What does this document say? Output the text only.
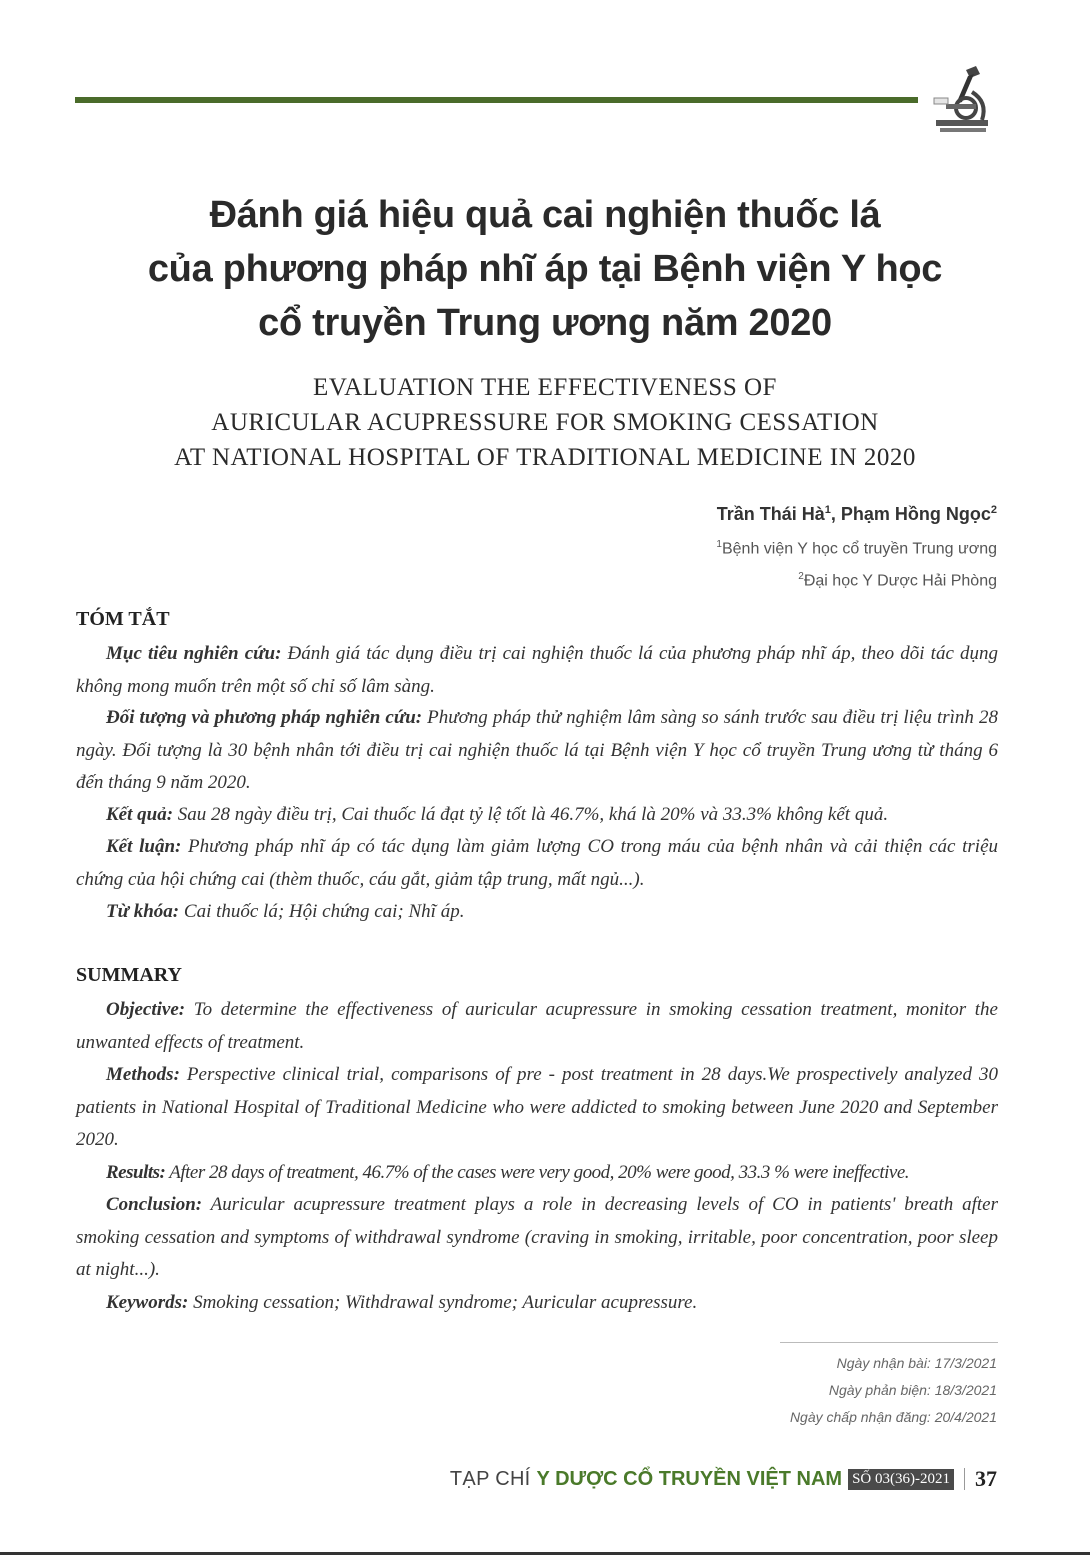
Đánh giá hiệu quả cai nghiện thuốc lá
của phương pháp nhĩ áp tại Bệnh viện Y học
cổ truyền Trung ương năm 2020
EVALUATION THE EFFECTIVENESS OF
AURICULAR ACUPRESSURE FOR SMOKING CESSATION
AT NATIONAL HOSPITAL OF TRADITIONAL MEDICINE IN 2020
Trần Thái $Hà^1$, Phạm Hồng Ngọc$^2$
$^1$Bệnh viện Y học cổ truyền Trung ương
$^2$Đại học Y Dược Hải Phòng
TÓM TẮT
Mục tiêu nghiên cứu: Đánh giá tác dụng điều trị cai nghiện thuốc lá của phương pháp nhĩ áp, theo dõi tác dụng không mong muốn trên một số chỉ số lâm sàng.
Đối tượng và phương pháp nghiên cứu: Phương pháp thử nghiệm lâm sàng so sánh trước sau điều trị liệu trình 28 ngày. Đối tượng là 30 bệnh nhân tới điều trị cai nghiện thuốc lá tại Bệnh viện Y học cổ truyền Trung ương từ tháng 6 đến tháng 9 năm 2020.
Kết quả: Sau 28 ngày điều trị, Cai thuốc lá đạt tỷ lệ tốt là 46.7%, khá là 20% và 33.3% không kết quả.
Kết luận: Phương pháp nhĩ áp có tác dụng làm giảm lượng CO trong máu của bệnh nhân và cải thiện các triệu chứng của hội chứng cai (thèm thuốc, cáu gắt, giảm tập trung, mất ngủ...).
Từ khóa: Cai thuốc lá; Hội chứng cai; Nhĩ áp.
SUMMARY
Objective: To determine the effectiveness of auricular acupressure in smoking cessation treatment, monitor the unwanted effects of treatment.
Methods: Perspective clinical trial, comparisons of pre - post treatment in 28 days.We prospectively analyzed 30 patients in National Hospital of Traditional Medicine who were addicted to smoking between June 2020 and September 2020.
Results: After 28 days of treatment, 46.7% of the cases were very good, 20% were good, 33.3 % were ineffective.
Conclusion: Auricular acupressure treatment plays a role in decreasing levels of CO in patients' breath after smoking cessation and symptoms of withdrawal syndrome (craving in smoking, irritable, poor concentration, poor sleep at night...).
Keywords: Smoking cessation; Withdrawal syndrome; Auricular acupressure.
Ngày nhận bài: 17/3/2021
Ngày phản biện: 18/3/2021
Ngày chấp nhận đăng: 20/4/2021
TẠP CHÍ Y DƯỢC CỔ TRUYỀN VIỆT NAM SỐ 03(36)-2021 37
